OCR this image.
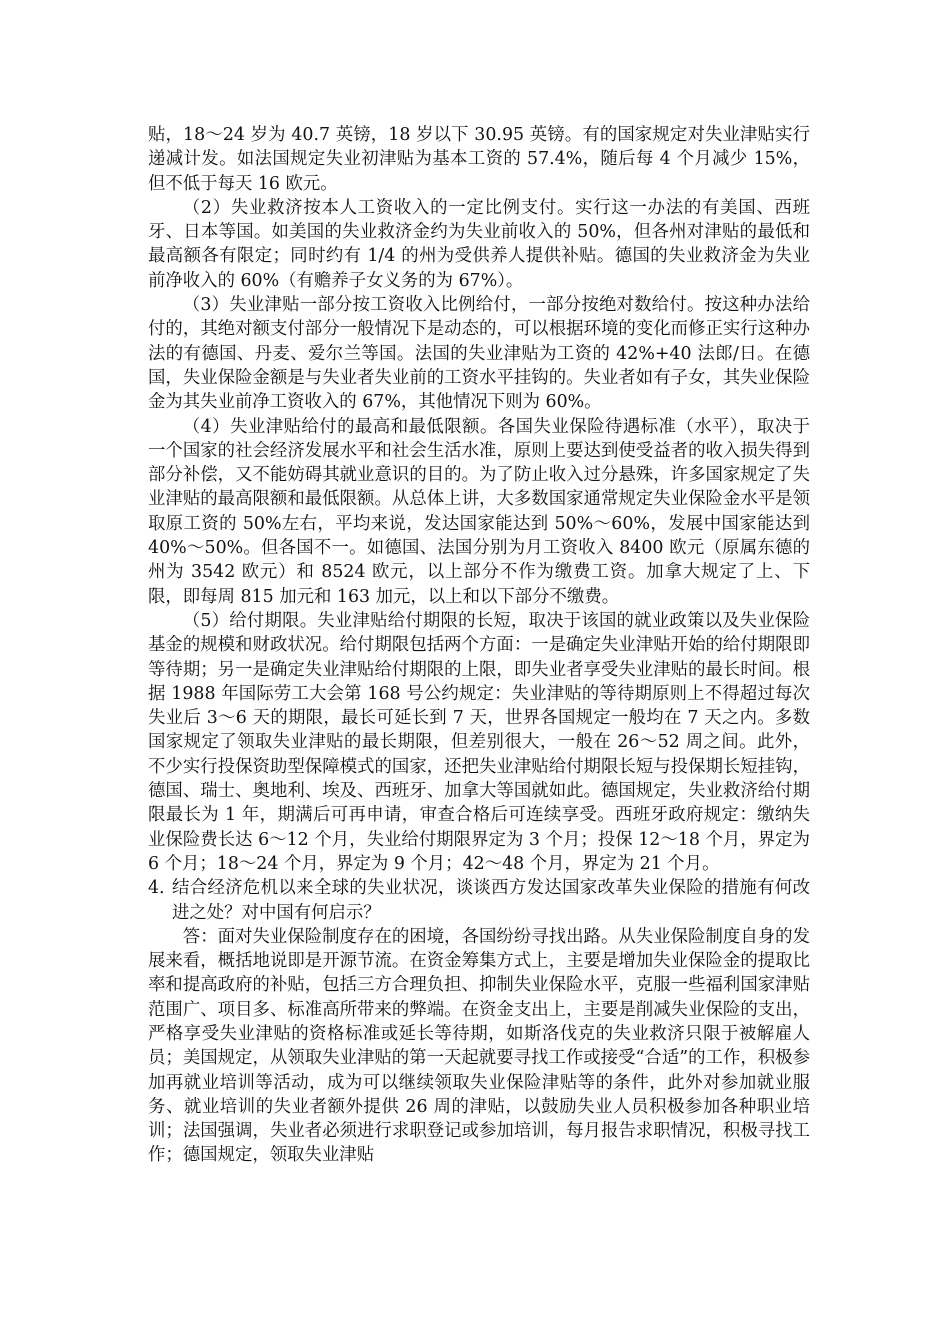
贴，18～24 岁为 40.7 英镑，18 岁以下 30.95 英镑。有的国家规定对失业津贴实行递减计发。如法国规定失业初津贴为基本工资的 57.4%，随后每 4 个月减少 15%，但不低于每天 16 欧元。

（2）失业救济按本人工资收入的一定比例支付。实行这一办法的有美国、西班牙、日本等国。如美国的失业救济金约为失业前收入的 50%，但各州对津贴的最低和最高额各有限定；同时约有 1/4 的州为受供养人提供补贴。德国的失业救济金为失业前净收入的 60%（有赡养子女义务的为 67%）。

（3）失业津贴一部分按工资收入比例给付，一部分按绝对数给付。按这种办法给付的，其绝对额支付部分一般情况下是动态的，可以根据环境的变化而修正实行这种办法的有德国、丹麦、爱尔兰等国。法国的失业津贴为工资的 42%+40 法郎/日。在德国，失业保险金额是与失业者失业前的工资水平挂钩的。失业者如有子女，其失业保险金为其失业前净工资收入的 67%，其他情况下则为 60%。

（4）失业津贴给付的最高和最低限额。各国失业保险待遇标准（水平），取决于一个国家的社会经济发展水平和社会生活水准，原则上要达到使受益者的收入损失得到部分补偿，又不能妨碍其就业意识的目的。为了防止收入过分悬殊，许多国家规定了失业津贴的最高限额和最低限额。从总体上讲，大多数国家通常规定失业保险金水平是领取原工资的 50%左右，平均来说，发达国家能达到 50%～60%，发展中国家能达到 40%～50%。但各国不一。如德国、法国分别为月工资收入 8400 欧元（原属东德的州为 3542 欧元）和 8524 欧元，以上部分不作为缴费工资。加拿大规定了上、下限，即每周 815 加元和 163 加元，以上和以下部分不缴费。

（5）给付期限。失业津贴给付期限的长短，取决于该国的就业政策以及失业保险基金的规模和财政状况。给付期限包括两个方面：一是确定失业津贴开始的给付期限即等待期；另一是确定失业津贴给付期限的上限，即失业者享受失业津贴的最长时间。根据 1988 年国际劳工大会第 168 号公约规定：失业津贴的等待期原则上不得超过每次失业后 3～6 天的期限，最长可延长到 7 天，世界各国规定一般均在 7 天之内。多数国家规定了领取失业津贴的最长期限，但差别很大，一般在 26～52 周之间。此外，不少实行投保资助型保障模式的国家，还把失业津贴给付期限长短与投保期长短挂钩，德国、瑞士、奥地利、埃及、西班牙、加拿大等国就如此。德国规定，失业救济给付期限最长为 1 年，期满后可再申请，审查合格后可连续享受。西班牙政府规定：缴纳失业保险费长达 6～12 个月，失业给付期限界定为 3 个月；投保 12～18 个月，界定为 6 个月；18～24 个月，界定为 9 个月；42～48 个月，界定为 21 个月。

4．
结合经济危机以来全球的失业状况，谈谈西方发达国家改革失业保险的措施有何改进之处？对中国有何启示？

答：面对失业保险制度存在的困境，各国纷纷寻找出路。从失业保险制度自身的发展来看，概括地说即是开源节流。在资金筹集方式上，主要是增加失业保险金的提取比率和提高政府的补贴，包括三方合理负担、抑制失业保险水平，克服一些福利国家津贴范围广、项目多、标准高所带来的弊端。在资金支出上，主要是削减失业保险的支出，严格享受失业津贴的资格标准或延长等待期，如斯洛伐克的失业救济只限于被解雇人员；美国规定，从领取失业津贴的第一天起就要寻找工作或接受“合适”的工作，积极参加再就业培训等活动，成为可以继续领取失业保险津贴等的条件，此外对参加就业服务、就业培训的失业者额外提供 26 周的津贴，以鼓励失业人员积极参加各种职业培训；法国强调，失业者必须进行求职登记或参加培训，每月报告求职情况，积极寻找工作；德国规定，领取失业津贴
